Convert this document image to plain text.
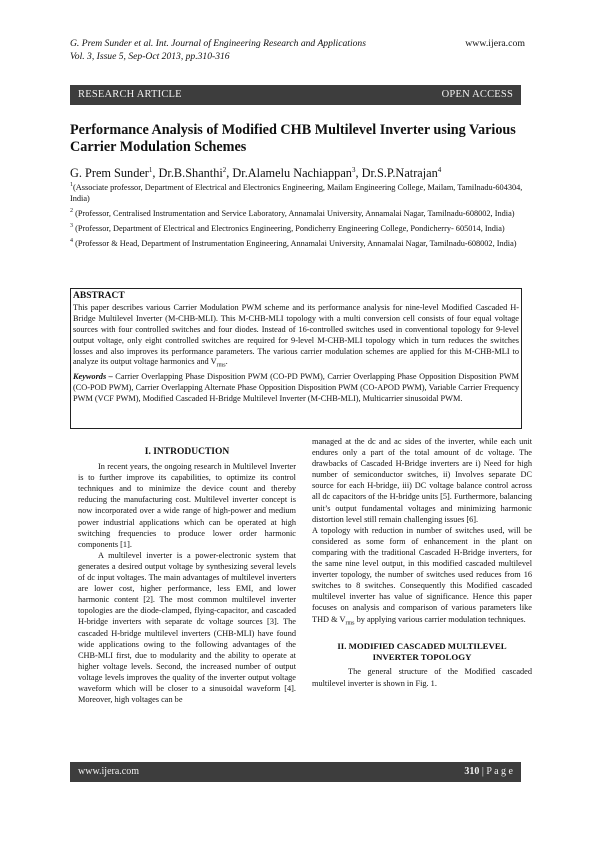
G. Prem Sunder et al. Int. Journal of Engineering Research and Applications
Vol. 3, Issue 5, Sep-Oct 2013, pp.310-316
www.ijera.com
RESEARCH ARTICLE	OPEN ACCESS
Performance Analysis of Modified CHB Multilevel Inverter using Various Carrier Modulation Schemes
G. Prem Sunder$^1$, Dr.B.Shanthi$^2$, Dr.Alamelu Nachiappan$^3$, Dr.S.P.Natrajan$^4$

$^1$(Associate professor, Department of Electrical and Electronics Engineering, Mailam Engineering College, Mailam, Tamilnadu-604304, India)

$^2$ (Professor, Centralised Instrumentation and Service Laboratory, Annamalai University, Annamalai Nagar, Tamilnadu-608002, India)

$^3$ (Professor, Department of Electrical and Electronics Engineering, Pondicherry Engineering College, Pondicherry- 605014, India)

$^4$ (Professor & Head, Department of Instrumentation Engineering, Annamalai University, Annamalai Nagar, Tamilnadu-608002, India)

ABSTRACT

This paper describes various Carrier Modulation PWM scheme and its performance analysis for nine-level Modified Cascaded H-Bridge Multilevel Inverter (M-CHB-MLI). This M-CHB-MLI topology with a multi conversion cell consists of four equal voltage sources with four controlled switches and four diodes. Instead of 16-controlled switches used in conventional topology for 9-level output voltage, only eight controlled switches are required for 9-level M-CHB-MLI topology which in turn reduces the switches losses and also improves its performance parameters. The various carrier modulation schemes are applied for this M-CHB-MLI to analyze its output voltage harmonics and $V_{rms}$.

Keywords – Carrier Overlapping Phase Disposition PWM (CO-PD PWM), Carrier Overlapping Phase Opposition Disposition PWM (CO-POD PWM), Carrier Overlapping Alternate Phase Opposition Disposition PWM (CO-APOD PWM), Variable Carrier Frequency PWM (VCF PWM), Modified Cascaded H-Bridge Multilevel Inverter (M-CHB-MLI), Multicarrier sinusoidal PWM.

I. INTRODUCTION

In recent years, the ongoing research in Multilevel Inverter is to further improve its capabilities, to optimize its control techniques and to minimize the device count and thereby reducing the manufacturing cost. Multilevel inverter concept is now incorporated over a wide range of high-power and medium power industrial applications which can be operated at high switching frequencies to produce lower order harmonic components [1].

A multilevel inverter is a power-electronic system that generates a desired output voltage by synthesizing several levels of dc input voltages. The main advantages of multilevel inverters are lower cost, higher performance, less EMI, and lower harmonic content [2]. The most common multilevel inverter topologies are the diode-clamped, flying-capacitor, and cascaded H-bridge inverters with separate dc voltage sources [3]. The cascaded H-bridge multilevel inverters (CHB-MLI) have found wide applications owing to the following advantages of the CHB-MLI first, due to modularity and the ability to operate at higher voltage levels. Second, the increased number of output voltage levels improves the quality of the inverter output voltage waveform which will be closer to a sinusoidal waveform [4]. Moreover, high voltages can be

managed at the dc and ac sides of the inverter, while each unit endures only a part of the total amount of dc voltage. The drawbacks of Cascaded H-Bridge inverters are i) Need for high number of semiconductor switches, ii) Involves separate DC source for each H-bridge, iii) DC voltage balance control across all dc capacitors of the H-bridge units [5]. Furthermore, balancing unit’s output fundamental voltages and minimizing harmonic distortion level still remain challenging issues [6].

A topology with reduction in number of switches used, will be considered as some form of enhancement in the plant on comparing with the traditional Cascaded H-Bridge inverters, for the same nine level output, in this modified cascaded multilevel inverter topology, the number of switches used reduces from 16 switches to 8 switches. Consequently this Modified cascaded multilevel inverter has value of significance. Hence this paper focuses on analysis and comparison of various parameters like THD & $V_{rms}$ by applying various carrier modulation techniques.

II. MODIFIED CASCADED MULTILEVEL
INVERTER TOPOLOGY

The general structure of the Modified cascaded multilevel inverter is shown in Fig. 1.

www.ijera.com	310 | P a g e
